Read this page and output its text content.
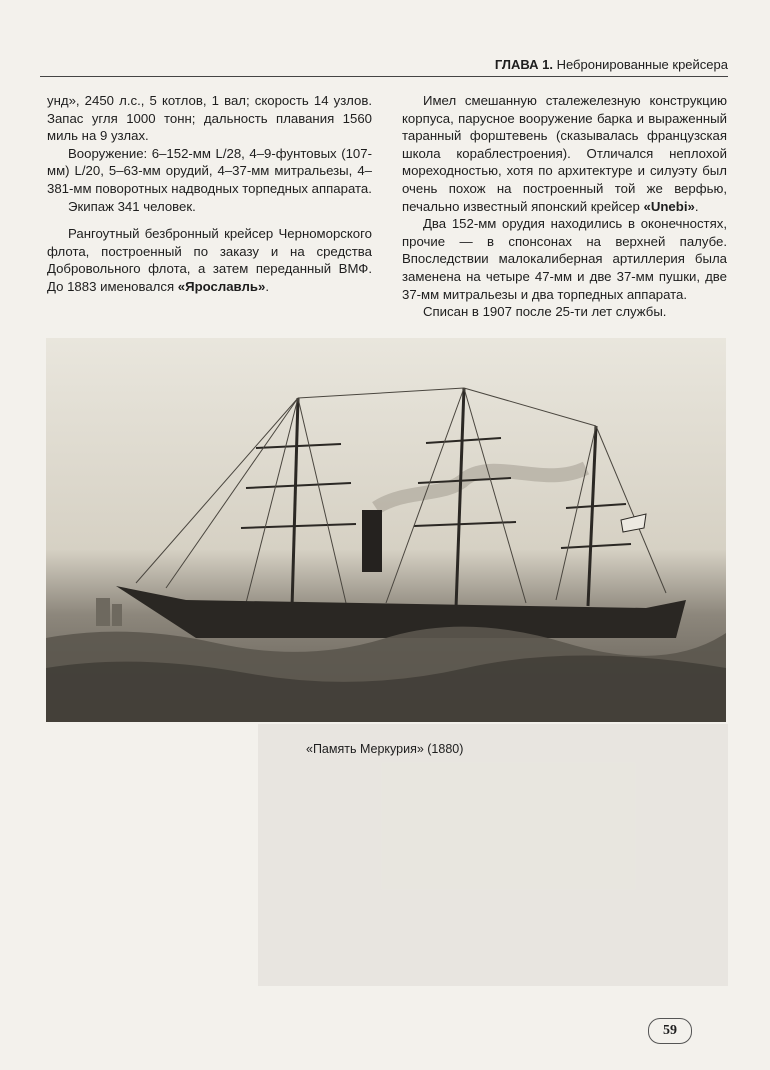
ГЛАВА 1. Небронированные крейсера

унд», 2450 л.с., 5 котлов, 1 вал; скорость 14 узлов. Запас угля 1000 тонн; дальность плавания 1560 миль на 9 узлах.

Вооружение: 6–152-мм L/28, 4–9-фунтовых (107-мм) L/20, 5–63-мм орудий, 4–37-мм митральезы, 4–381-мм поворотных надводных торпедных аппарата.

Экипаж 341 человек.

Рангоутный безбронный крейсер Черноморского флота, построенный по заказу и на средства Добровольного флота, а затем переданный ВМФ. До 1883 именовался «Ярославль».

Имел смешанную сталежелезную конструкцию корпуса, парусное вооружение барка и выраженный таранный форштевень (сказывалась французская школа кораблестроения). Отличался неплохой мореходностью, хотя по архитектуре и силуэту был очень похож на построенный той же верфью, печально известный японский крейсер «Unebi».

Два 152-мм орудия находились в оконечностях, прочие — в спонсонах на верхней палубе. Впоследствии малокалиберная артиллерия была заменена на четыре 47-мм и две 37-мм пушки, две 37-мм митральезы и два торпедных аппарата.

Списан в 1907 после 25-ти лет службы.

«Память Меркурия» (1880)
59
